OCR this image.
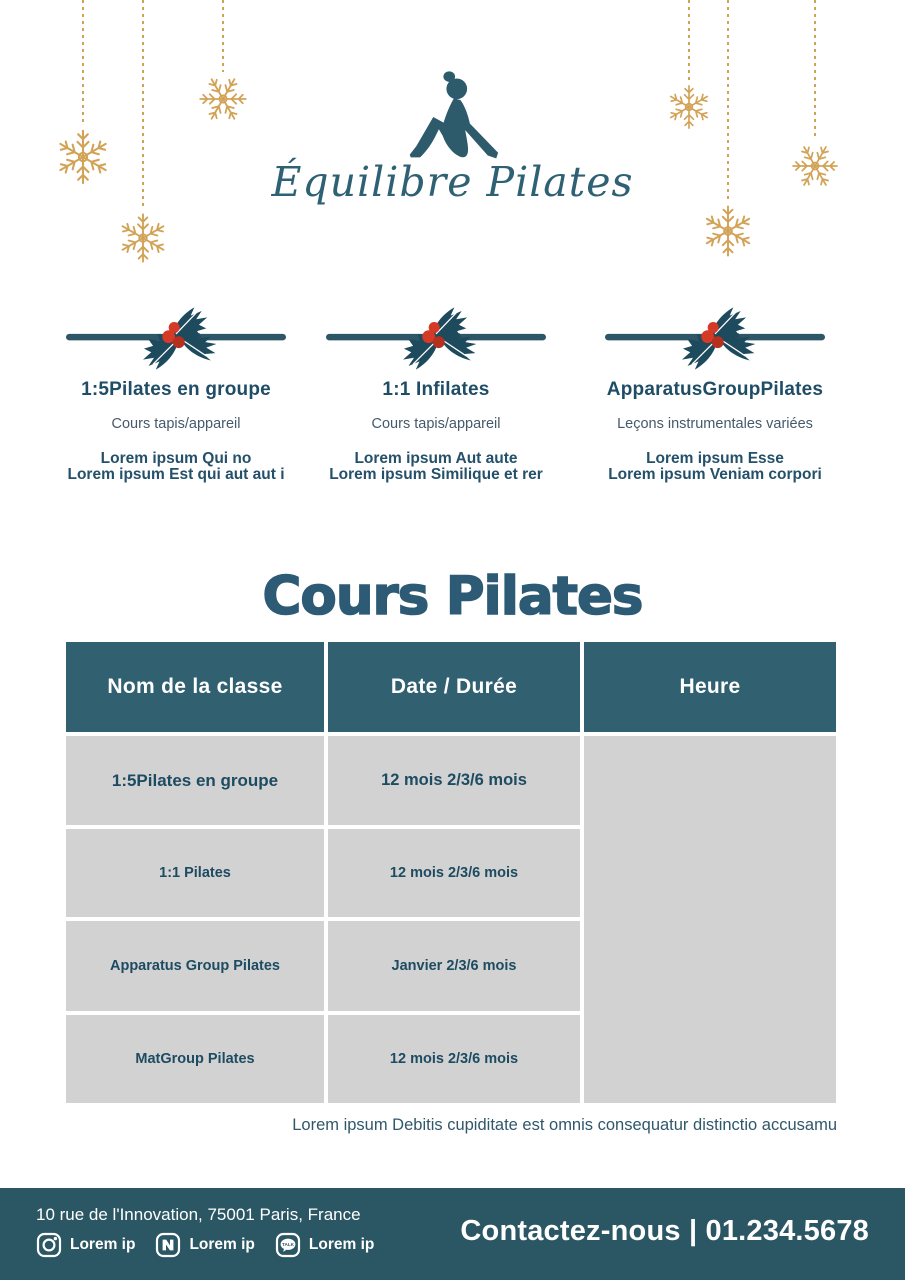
Équilibre Pilates
1:5Pilates en groupe
Cours tapis/appareil
Lorem ipsum Qui no
Lorem ipsum Est qui aut aut i
1:1 Infilates
Cours tapis/appareil
Lorem ipsum Aut aute
Lorem ipsum Similique et rer
ApparatusGroupPilates
Leçons instrumentales variées
Lorem ipsum Esse
Lorem ipsum Veniam corpori
Cours Pilates
Nom de la classe	Date / Durée	Heure
1:5Pilates en groupe	12 mois 2/3/6 mois
1:1 Pilates	12 mois 2/3/6 mois
Apparatus Group Pilates	Janvier 2/3/6 mois
MatGroup Pilates	12 mois 2/3/6 mois
Lorem ipsum Debitis cupiditate est omnis consequatur distinctio accusamu
10 rue de l'Innovation, 75001 Paris, France
Lorem ip	Lorem ip	TALK Lorem ip	Contactez-nous | 01.234.5678
